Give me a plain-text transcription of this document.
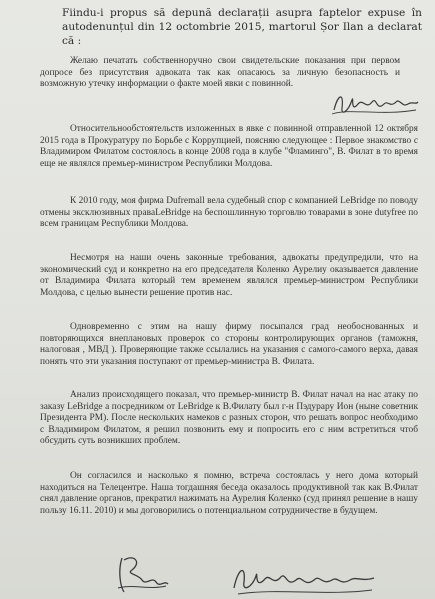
Fiindu-i propus să depună declarații asupra faptelor expuse în autodenunțul din 12 octombrie 2015, martorul Șor Ilan a declarat că :

Желаю печатать собственноручно свои свидетельские показания при первом допросе без присутствия адвоката так как опасаюсь за личную безопасность и возможную утечку информации о факте моей явки с повинной.

Относительнообстоятельств изложенных в явке с повинной отправленной 12 октября 2015 года в Прокуратуру по Борьбе с Коррупцией, поясняю следующее : Первое знакомство с Владимиром Филатом состоялось в конце 2008 года в клубе "Фламинго", В. Филат в то время еще не являлся премьер-министром Республики Молдова.

К 2010 году, моя фирма Dufremall вела судебный спор с компанией LeBridge по поводу отмены эксклюзивных праваLeBridge на беспошлинную торговлю товарами в зоне dutyfree по всем границам Республики Молдова.

Несмотря на наши очень законные требования, адвокаты предупредили, что на экономический суд и конкретно на его председателя Коленко Аурелиу оказывается давление от Владимира Филата который тем временем являлся премьер-министром Республики Молдова, с целью вынести решение против нас.

Одновременно с этим на нашу фирму посыпался град необоснованных и повторяющихся внеплановых проверок со стороны контролирующих органов (таможня, налоговая , МВД ). Проверяющие также ссылались на указания с самого-самого верха, давая понять что эти указания поступают от премьер-министра В. Филата.

Анализ происходящего показал, что премьер-министр В. Филат начал на нас атаку по заказу LeBridge а посредником от LeBridge к В.Филату был г-н Пэдурару Ион (ныне советник Президента РМ). После нескольких намеков с разных сторон, что решать вопрос необходимо с Владимиром Филатом, я решил позвонить ему и попросить его с ним встретиться чтоб обсудить суть возникших проблем.

Он согласился и насколько я помню, встреча состоялась у него дома который находиться на Телецентре. Наша тогдашняя беседа оказалось продуктивной так как В.Филат снял давление органов, прекратил нажимать на Аурелия Коленко (суд принял решение в нашу пользу 16.11. 2010) и мы договорились о потенциальном сотрудничестве в будущем.
